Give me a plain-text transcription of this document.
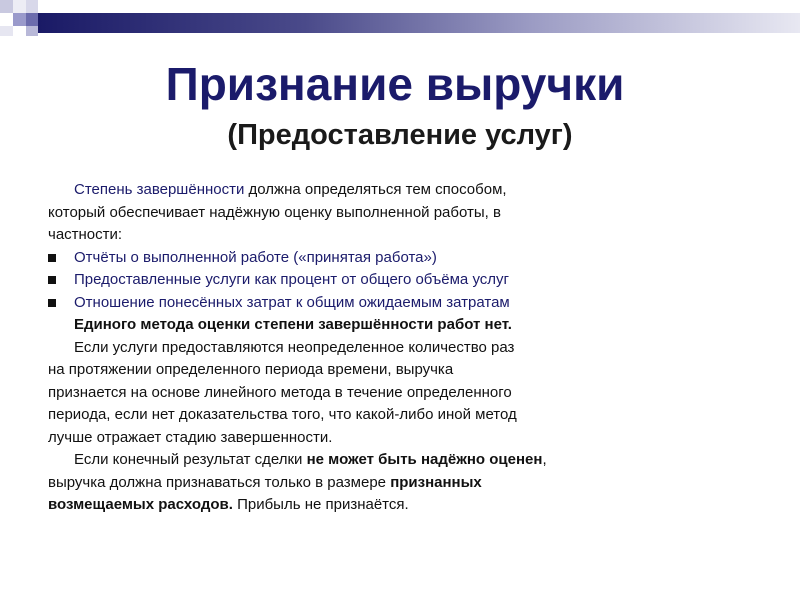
Признание выручки
(Предоставление услуг)

Степень завершённости должна определяться тем способом,
который обеспечивает надёжную оценку выполненной работы, в
частности:

Отчёты о выполненной работе («принятая работа»)
Предоставленные услуги как процент от общего объёма услуг
Отношение понесённых затрат к общим ожидаемым затратам

Единого метода оценки степени завершённости работ нет.

Если услуги предоставляются неопределенное количество раз
на протяжении определенного периода времени, выручка
признается на основе линейного метода в течение определенного
периода, если нет доказательства того, что какой-либо иной метод
лучше отражает стадию завершенности.

Если конечный результат сделки не может быть надёжно оценен,
выручка должна признаваться только в размере признанных
возмещаемых расходов. Прибыль не признаётся.
